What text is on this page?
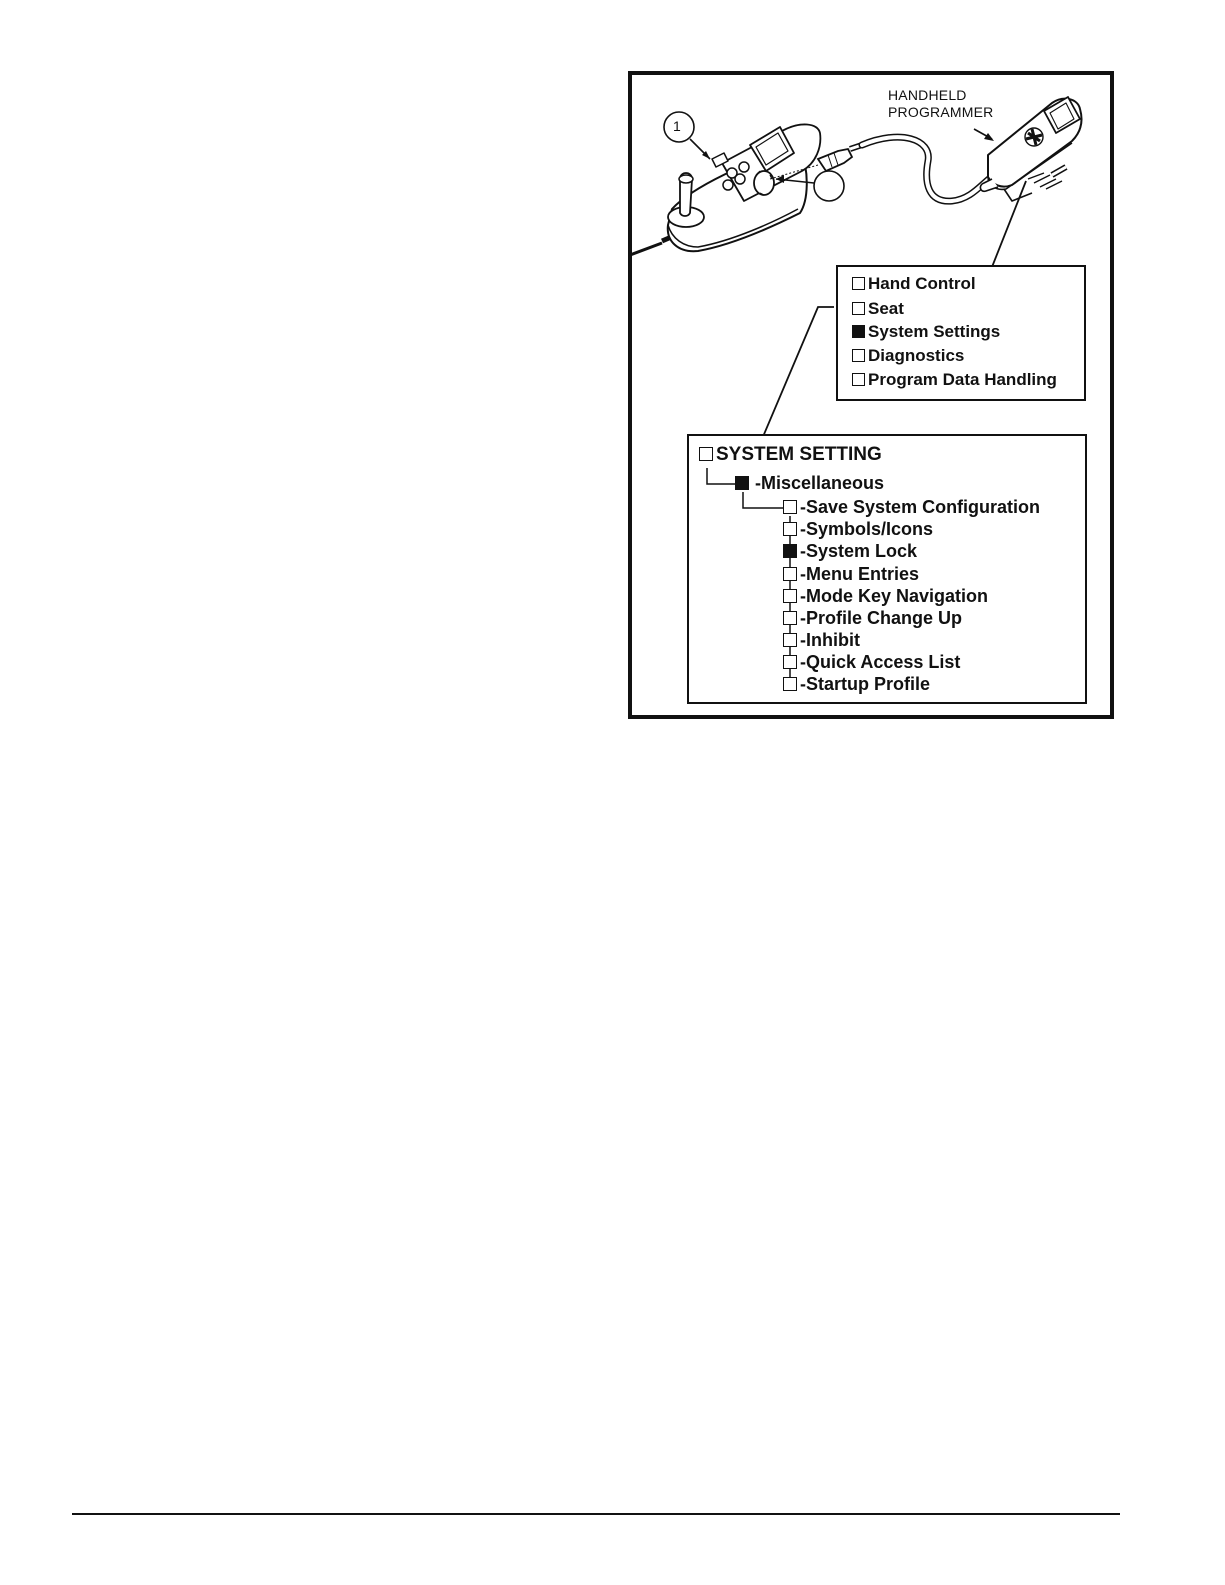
HANDHELD
PROGRAMMER
1
Hand Control
Seat
System Settings
Diagnostics
Program Data Handling
SYSTEM SETTING
-Miscellaneous
-Save System Configuration
-Symbols/Icons
-System Lock
-Menu Entries
-Mode Key Navigation
-Profile Change Up
-Inhibit
-Quick Access List
-Startup Profile
